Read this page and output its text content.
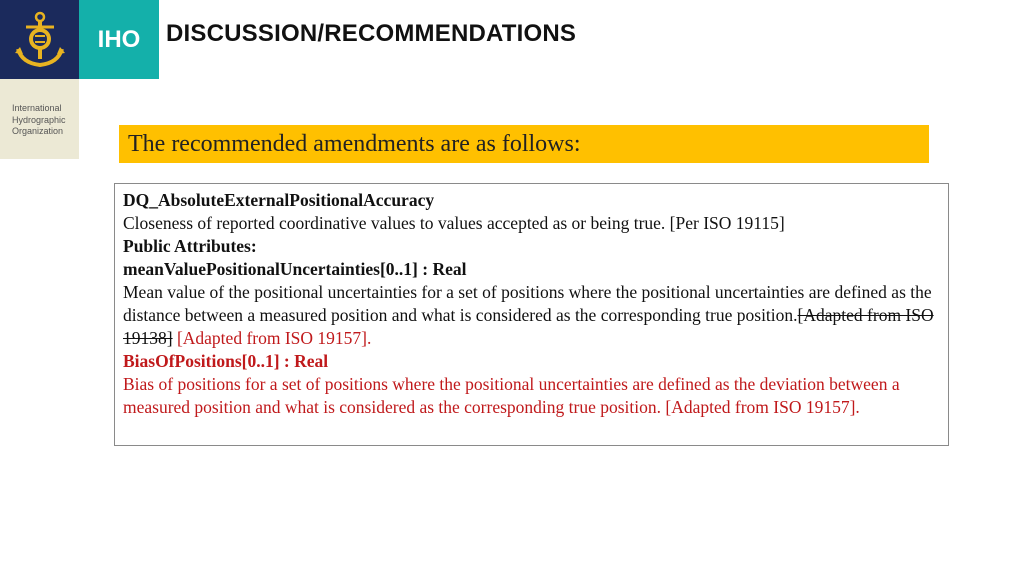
IHO
International
Hydrographic
Organization
DISCUSSION/RECOMMENDATIONS
The recommended amendments are as follows:

DQ_AbsoluteExternalPositionalAccuracy

Closeness of reported coordinative values to values accepted as or being true. [Per ISO 19115]

Public Attributes:

meanValuePositionalUncertainties[0..1] : Real

Mean value of the positional uncertainties for a set of positions where the positional uncertainties are defined as the distance between a measured position and what is considered as the corresponding true position.[Adapted from ISO 19138] [Adapted from ISO 19157].

BiasOfPositions[0..1] : Real

Bias of positions for a set of positions where the positional uncertainties are defined as the deviation between a measured position and what is considered as the corresponding true position. [Adapted from ISO 19157].
